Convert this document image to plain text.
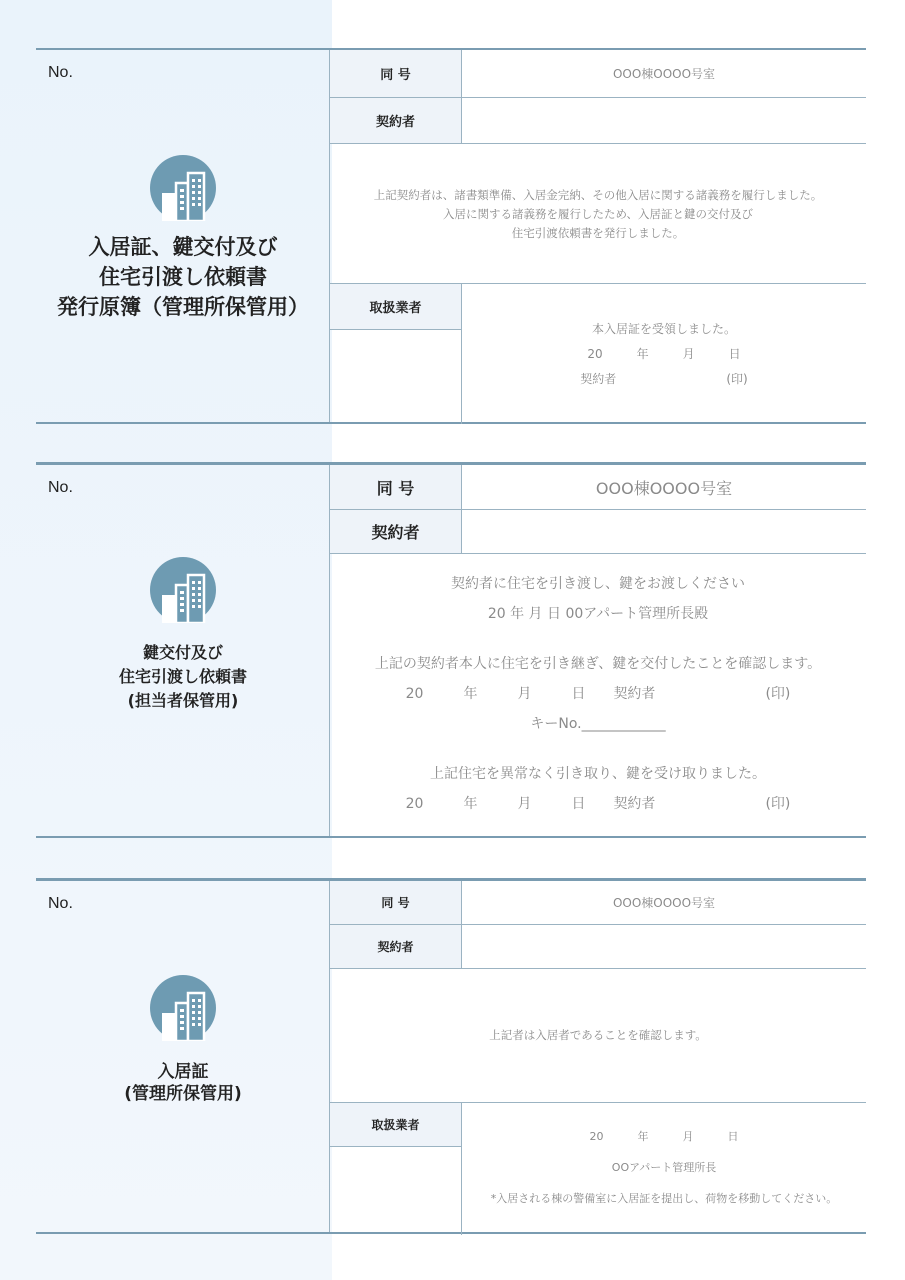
No.
入居証、鍵交付及び
住宅引渡し依頼書
発行原簿（管理所保管用）
同 号	OOO棟OOOO号室
契約者
上記契約者は、諸書類準備、入居金完納、その他入居に関する諸義務を履行しました。
入居に関する諸義務を履行したため、入居証と鍵の交付及び
住宅引渡依頼書を発行しました。
取扱業者
本入居証を受領しました。
20	年	月	日
契約者	(印)
No.
鍵交付及び
住宅引渡し依頼書
(担当者保管用)
同 号	OOO棟OOOO号室
契約者
契約者に住宅を引き渡し、鍵をお渡しください
20 年 月 日 00アパート管理所長殿
上記の契約者本人に住宅を引き継ぎ、鍵を交付したことを確認します。
20	年	月	日 契約者	(印)
キーNo.____________
上記住宅を異常なく引き取り、鍵を受け取りました。
20	年	月	日 契約者	(印)
No.
入居証
(管理所保管用)
同 号	OOO棟OOOO号室
契約者
上記者は入居者であることを確認します。
取扱業者
20	年	月	日
OOアパート管理所長
*入居される棟の警備室に入居証を提出し、荷物を移動してください。
